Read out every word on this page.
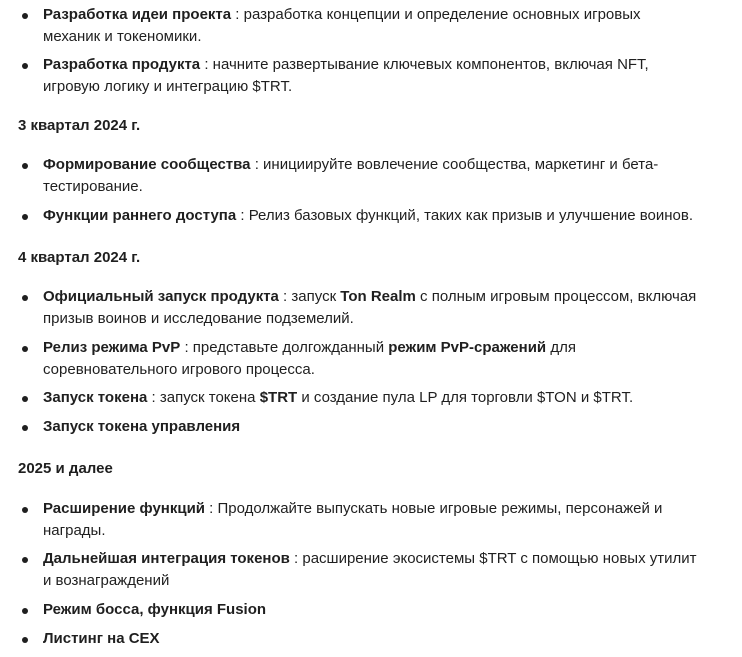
Разработка идеи проекта : разработка концепции и определение основных игровых
механик и токеномики.
Разработка продукта : начните развертывание ключевых компонентов, включая NFT,
игровую логику и интеграцию $TRT.
3 квартал 2024 г.
Формирование сообщества : инициируйте вовлечение сообщества, маркетинг и бета-
тестирование.
Функции раннего доступа : Релиз базовых функций, таких как призыв и улучшение воинов.
4 квартал 2024 г.
Официальный запуск продукта : запуск Ton Realm с полным игровым процессом, включая
призыв воинов и исследование подземелий.
Релиз режима PvP : представьте долгожданный режим PvP-сражений для
соревновательного игрового процесса.
Запуск токена : запуск токена $TRT и создание пула LP для торговли $TON и $TRT.
Запуск токена управления
2025 и далее
Расширение функций : Продолжайте выпускать новые игровые режимы, персонажей и
награды.
Дальнейшая интеграция токенов : расширение экосистемы $TRT с помощью новых утилит
и вознаграждений
Режим босса, функция Fusion
Листинг на CEX
